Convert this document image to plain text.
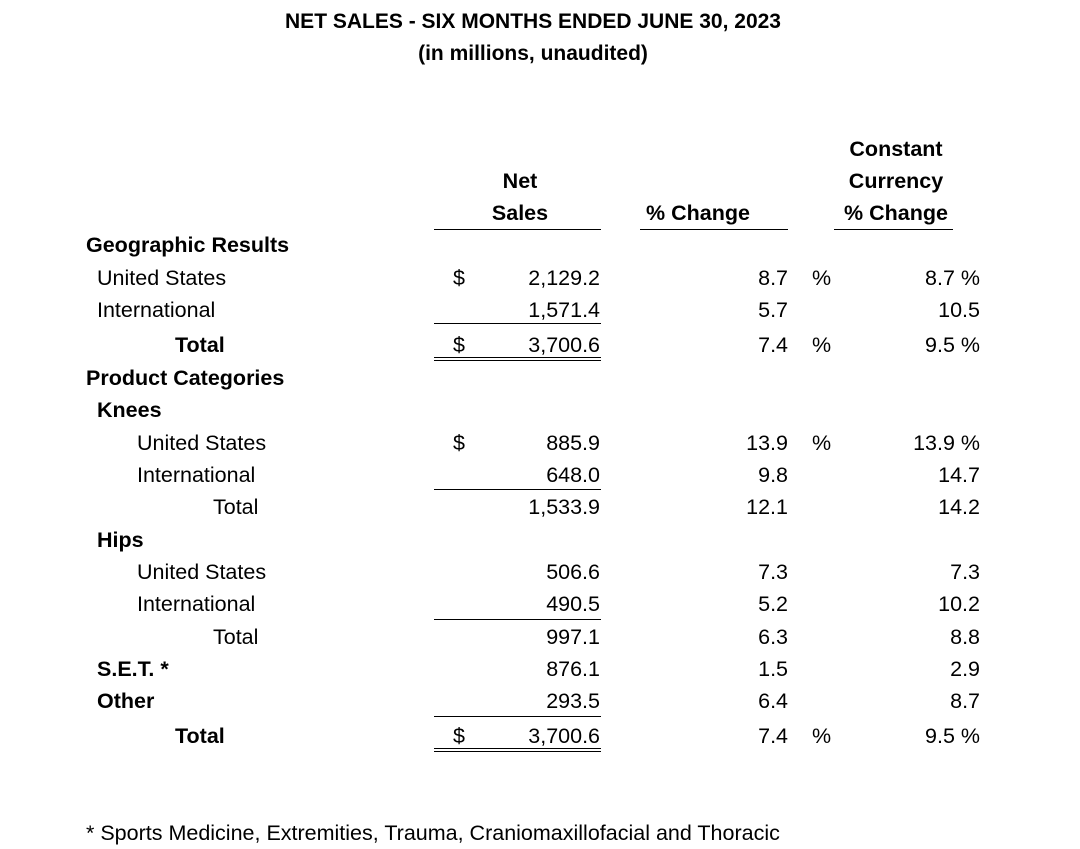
NET SALES - SIX MONTHS ENDED JUNE 30, 2023
(in millions, unaudited)
Net
Sales	% Change
Constant
Currency
% Change
Geographic Results
United States	$	2,129.2	8.7 %	8.7 %
International	1,571.4	5.7	10.5
Total	$	3,700.6	7.4 %	9.5 %
Product Categories
Knees
United States	$	885.9	13.9 %	13.9 %
International	648.0	9.8	14.7
Total	1,533.9	12.1	14.2
Hips
United States	506.6	7.3	7.3
International	490.5	5.2	10.2
Total	997.1	6.3	8.8
S.E.T. *	876.1	1.5	2.9
Other	293.5	6.4	8.7
Total	$	3,700.6	7.4 %	9.5 %
* Sports Medicine, Extremities, Trauma, Craniomaxillofacial and Thoracic
